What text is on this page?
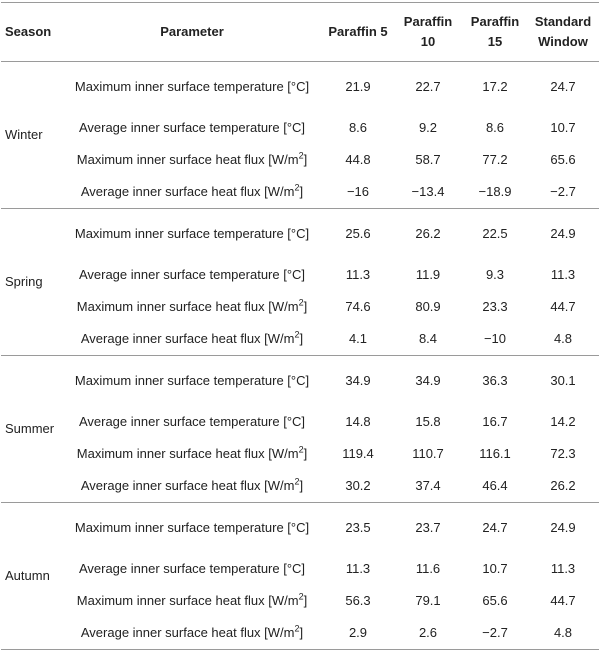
Season	Parameter	Paraffin 5	Paraffin 10	Paraffin 15	Standard Window
Winter	Maximum inner surface temperature [°C]	21.9	22.7	17.2	24.7
	Average inner surface temperature [°C]	8.6	9.2	8.6	10.7
	Maximum inner surface heat flux $[W/m^2]$	44.8	58.7	77.2	65.6
	Average inner surface heat flux $[W/m^2]$	−16	−13.4	−18.9	−2.7
Spring	Maximum inner surface temperature [°C]	25.6	26.2	22.5	24.9
	Average inner surface temperature [°C]	11.3	11.9	9.3	11.3
	Maximum inner surface heat flux $[W/m^2]$	74.6	80.9	23.3	44.7
	Average inner surface heat flux $[W/m^2]$	4.1	8.4	−10	4.8
Summer	Maximum inner surface temperature [°C]	34.9	34.9	36.3	30.1
	Average inner surface temperature [°C]	14.8	15.8	16.7	14.2
	Maximum inner surface heat flux $[W/m^2]$	119.4	110.7	116.1	72.3
	Average inner surface heat flux $[W/m^2]$	30.2	37.4	46.4	26.2
Autumn	Maximum inner surface temperature [°C]	23.5	23.7	24.7	24.9
	Average inner surface temperature [°C]	11.3	11.6	10.7	11.3
	Maximum inner surface heat flux $[W/m^2]$	56.3	79.1	65.6	44.7
	Average inner surface heat flux $[W/m^2]$	2.9	2.6	−2.7	4.8
